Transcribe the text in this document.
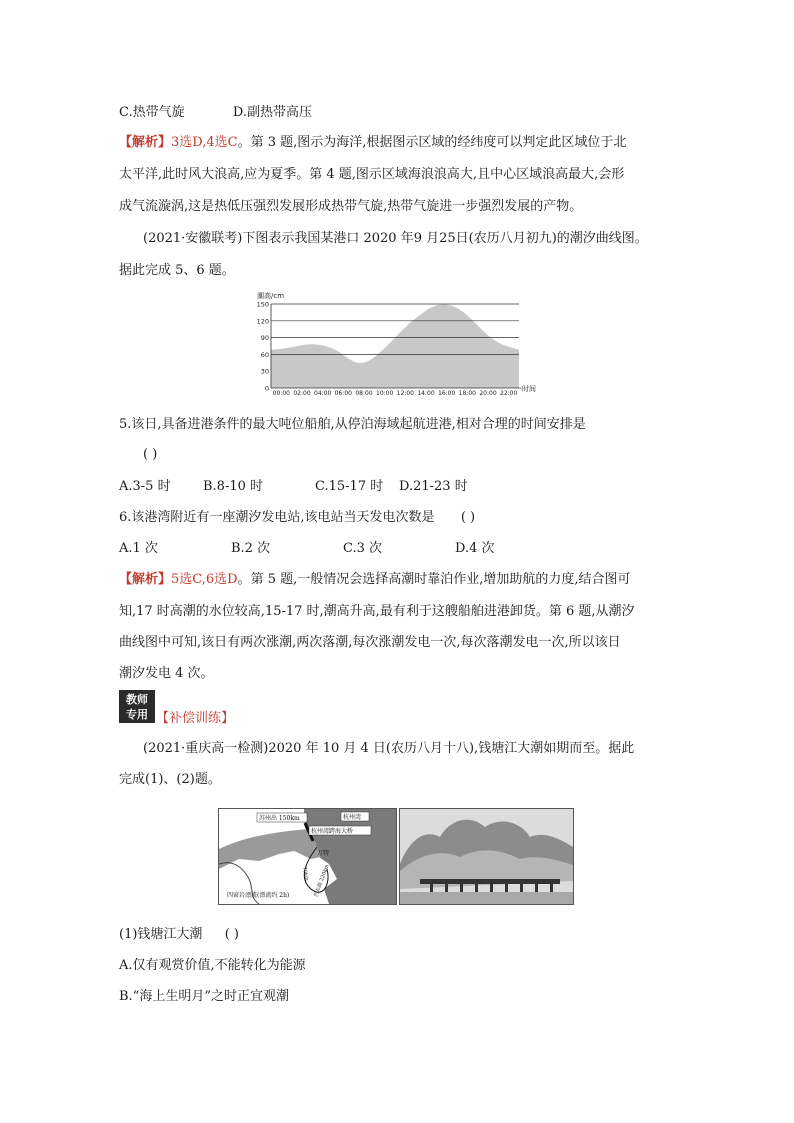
C.热带气旋	D.副热带高压
【解析】3选D,4选C。第 3 题,图示为海洋,根据图示区域的经纬度可以判定此区域位于北
太平洋,此时风大浪高,应为夏季。第 4 题,图示区域海浪浪高大,且中心区域浪高最大,会形
成气流漩涡,这是热低压强烈发展形成热带气旋,热带气旋进一步强烈发展的产物。
(2021·安徽联考)下图表示我国某港口 2020 年9 月25日(农历八月初九)的潮汐曲线图。
据此完成 5、6 题。
潮高/cm
150
120
90
60
30
0
00:00 02:00 04:00 06:00 08:00 10:00 12:00 14:00 16:00 18:00 20:00 22:00
时间
5.该日,具备进港条件的最大吨位船舶,从停泊海域起航进港,相对合理的时间安排是
( )
A.3-5 时 B.8-10 时	C.15-17 时 D.21-23 时
6.该港湾附近有一座潮汐发电站,该电站当天发电次数是 ( )
A.1 次	B.2 次	C.3 次	D.4 次
【解析】5选C,6选D。第 5 题,一般情况会选择高潮时靠泊作业,增加助航的力度,结合图可
知,17 时高潮的水位较高,15-17 时,潮高升高,最有利于这艘船舶进港卸货。第 6 题,从潮汐
曲线图中可知,该日有两次涨潮,两次落潮,每次涨潮发电一次,每次落潮发电一次,所以该日
潮汐发电 4 次。
教师
专用 【补偿训练】
(2021·重庆高一检测)2020 年 10 月 4 日(农历八月十八),钱塘江大潮如期而至。据此
完成(1)、(2)题。
苏州出 150km	杭州湾
杭州湾跨海大桥
万特
70km 约东海 220km
四窗岩漂流(漂流约 2h)
(1)钱塘江大潮 ( )
A.仅有观赏价值,不能转化为能源
B.“海上生明月”之时正宜观潮
